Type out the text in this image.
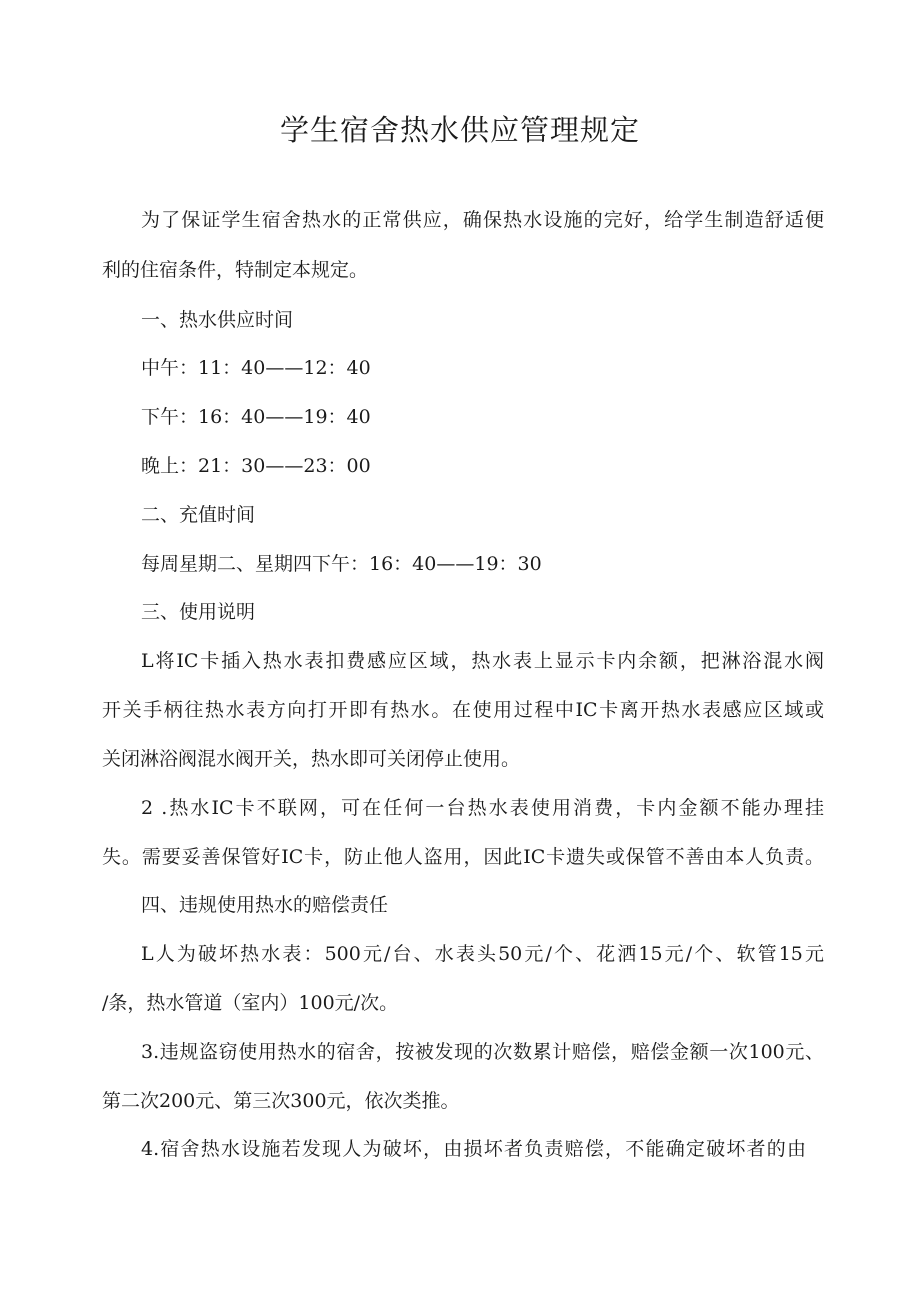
学生宿舍热水供应管理规定
为了保证学生宿舍热水的正常供应，确保热水设施的完好，给学生制造舒适便
利的住宿条件，特制定本规定。
一、热水供应时间
中午：11：40——12：40
下午：16：40——19：40
晚上：21：30——23：00
二、充值时间
每周星期二、星期四下午：16：40——19：30
三、使用说明
L将IC卡插入热水表扣费感应区域，热水表上显示卡内余额，把淋浴混水阀
开关手柄往热水表方向打开即有热水。在使用过程中IC卡离开热水表感应区域或
关闭淋浴阀混水阀开关，热水即可关闭停止使用。
2 .热水IC卡不联网，可在任何一台热水表使用消费，卡内金额不能办理挂
失。需要妥善保管好IC卡，防止他人盗用，因此IC卡遗失或保管不善由本人负责。
四、违规使用热水的赔偿责任
L人为破坏热水表：500元/台、水表头50元/个、花洒15元/个、软管15元
/条，热水管道（室内）100元/次。
3.违规盗窃使用热水的宿舍，按被发现的次数累计赔偿，赔偿金额一次100元、
第二次200元、第三次300元，依次类推。
4.宿舍热水设施若发现人为破坏，由损坏者负责赔偿，不能确定破坏者的由
